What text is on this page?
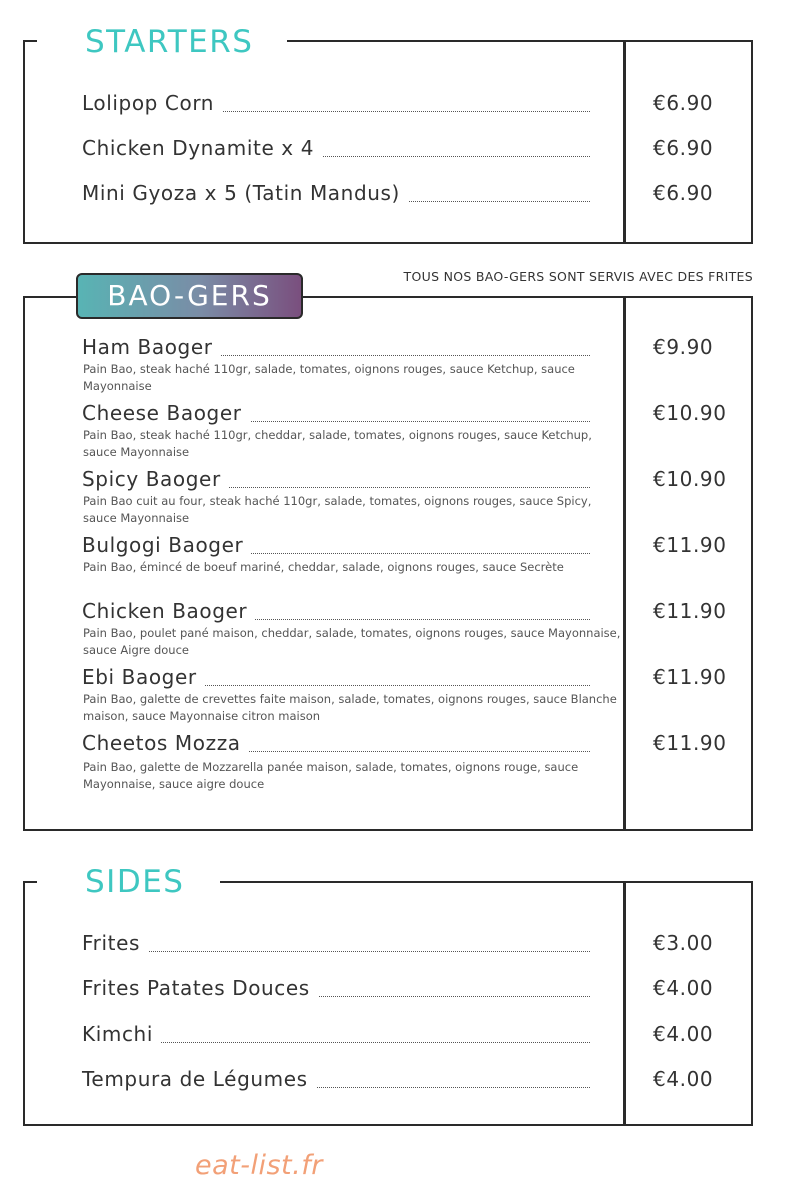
STARTERS
Lolipop Corn	€6.90
Chicken Dynamite x 4	€6.90
Mini Gyoza x 5 (Tatin Mandus)	€6.90
BAO-GERS
TOUS NOS BAO-GERS SONT SERVIS AVEC DES FRITES
Ham Baoger	€9.90
Pain Bao, steak haché 110gr, salade, tomates, oignons rouges, sauce Ketchup, sauce Mayonnaise
Cheese Baoger	€10.90
Pain Bao, steak haché 110gr, cheddar, salade, tomates, oignons rouges, sauce Ketchup, sauce Mayonnaise
Spicy Baoger	€10.90
Pain Bao cuit au four, steak haché 110gr, salade, tomates, oignons rouges, sauce Spicy, sauce Mayonnaise
Bulgogi Baoger	€11.90
Pain Bao, émincé de boeuf mariné, cheddar, salade, oignons rouges, sauce Secrète
Chicken Baoger	€11.90
Pain Bao, poulet pané maison, cheddar, salade, tomates, oignons rouges, sauce Mayonnaise, sauce Aigre douce
Ebi Baoger	€11.90
Pain Bao, galette de crevettes faite maison, salade, tomates, oignons rouges, sauce Blanche maison, sauce Mayonnaise citron maison
Cheetos Mozza	€11.90
Pain Bao, galette de Mozzarella panée maison, salade, tomates, oignons rouge, sauce Mayonnaise, sauce aigre douce
SIDES
Frites	€3.00
Frites Patates Douces	€4.00
Kimchi	€4.00
Tempura de Légumes	€4.00
eat-list.fr
